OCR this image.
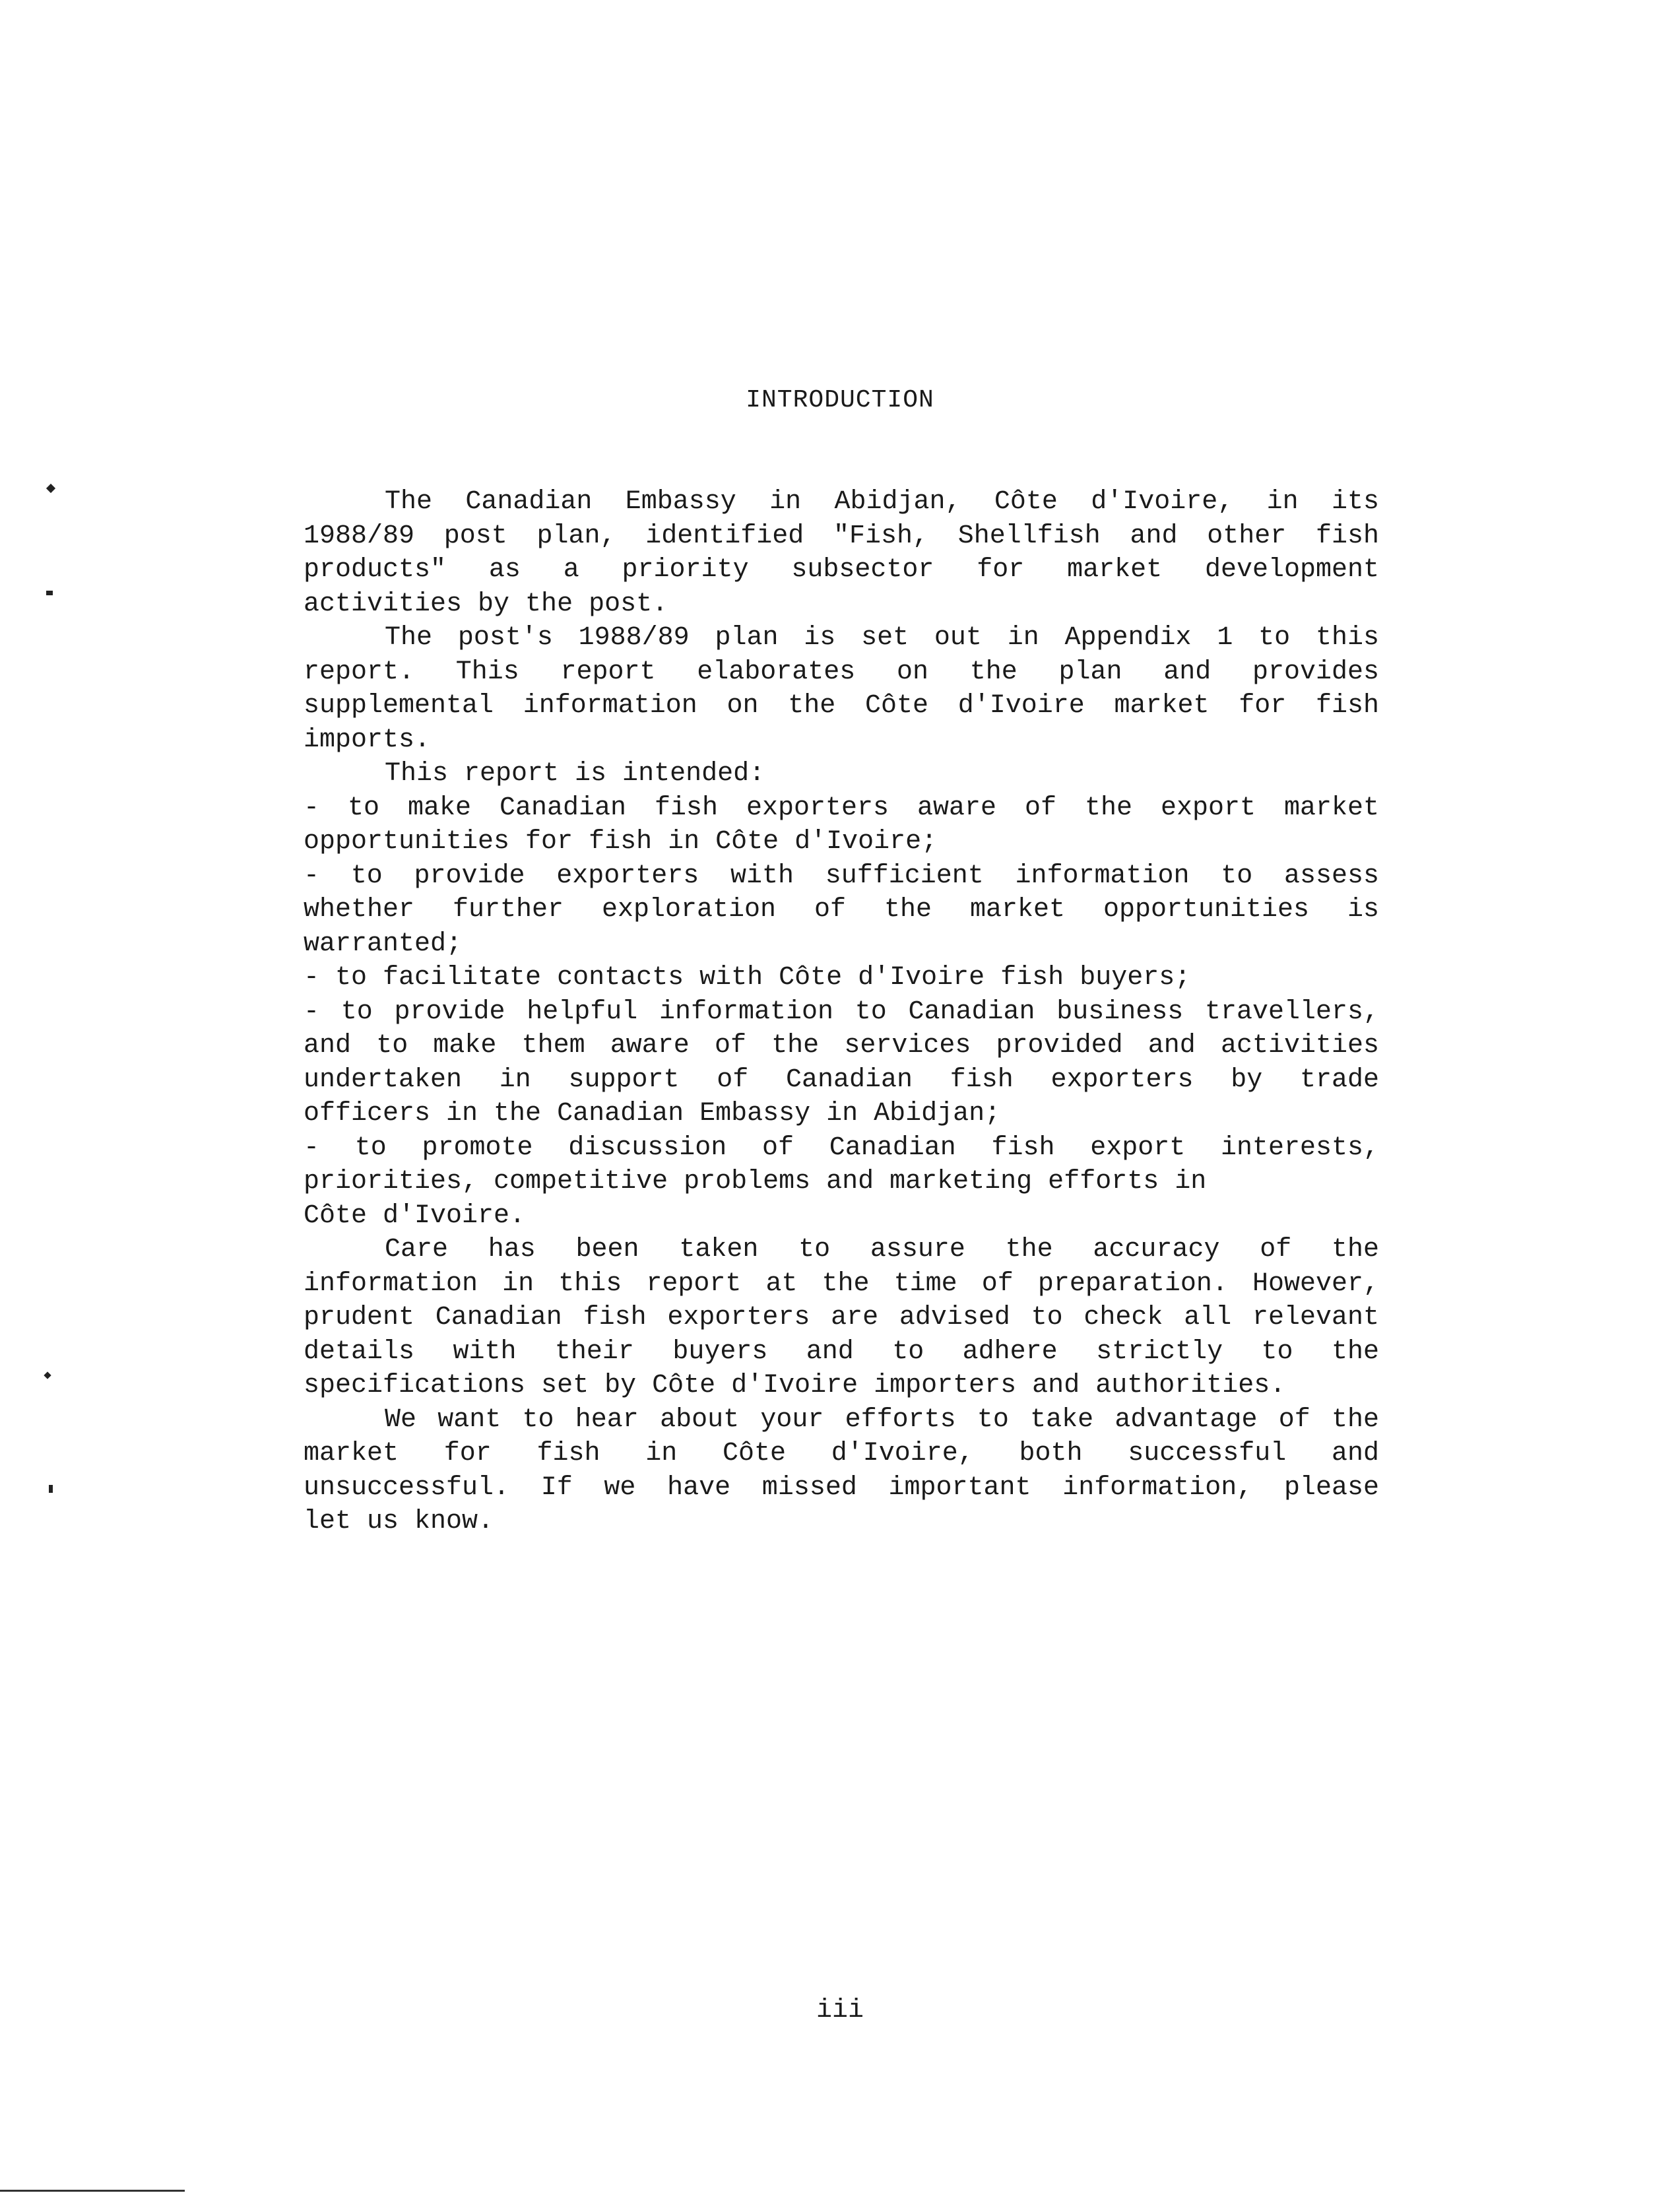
INTRODUCTION
The Canadian Embassy in Abidjan, Côte d'Ivoire, in its
1988/89 post plan, identified "Fish, Shellfish and other fish
products" as a priority subsector for market development
activities by the post.
The post's 1988/89 plan is set out in Appendix 1 to this
report. This report elaborates on the plan and provides
supplemental information on the Côte d'Ivoire market for fish
imports.
This report is intended:
- to make Canadian fish exporters aware of the export market
opportunities for fish in Côte d'Ivoire;
- to provide exporters with sufficient information to assess
whether further exploration of the market opportunities is
warranted;
- to facilitate contacts with Côte d'Ivoire fish buyers;
- to provide helpful information to Canadian business travellers,
and to make them aware of the services provided and activities
undertaken in support of Canadian fish exporters by trade
officers in the Canadian Embassy in Abidjan;
- to promote discussion of Canadian fish export interests,
priorities, competitive problems and marketing efforts in
Côte d'Ivoire.
Care has been taken to assure the accuracy of the
information in this report at the time of preparation. However,
prudent Canadian fish exporters are advised to check all relevant
details with their buyers and to adhere strictly to the
specifications set by Côte d'Ivoire importers and authorities.
We want to hear about your efforts to take advantage of the
market for fish in Côte d'Ivoire, both successful and
unsuccessful. If we have missed important information, please
let us know.
iii
